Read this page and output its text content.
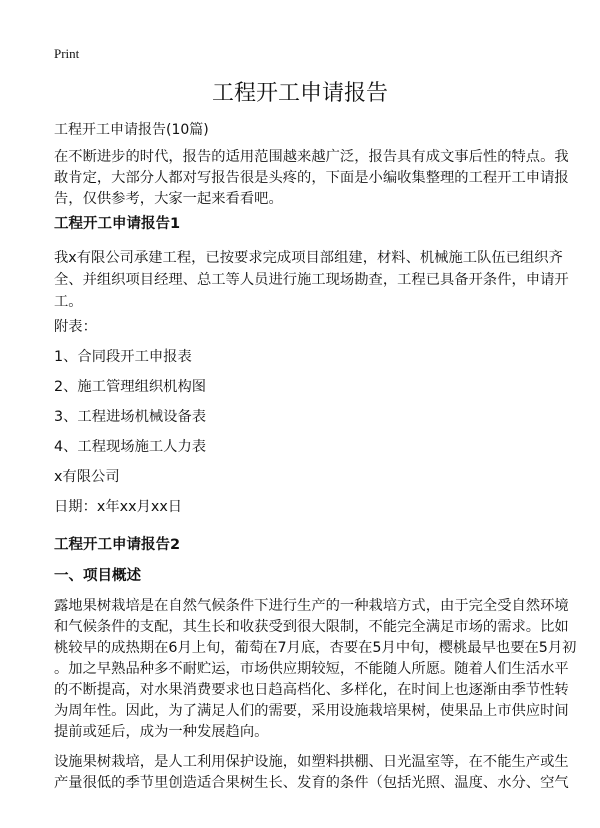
Print
工程开工申请报告
工程开工申请报告(10篇)
在不断进步的时代，报告的适用范围越来越广泛，报告具有成文事后性的特点。我
敢肯定，大部分人都对写报告很是头疼的，下面是小编收集整理的工程开工申请报
告，仅供参考，大家一起来看看吧。
工程开工申请报告1
我x有限公司承建工程，已按要求完成项目部组建，材料、机械施工队伍已组织齐
全、并组织项目经理、总工等人员进行施工现场勘查，工程已具备开条件，申请开
工。
附表：
1、合同段开工申报表
2、施工管理组织机构图
3、工程进场机械设备表
4、工程现场施工人力表
x有限公司
日期：x年xx月xx日
工程开工申请报告2
一、项目概述
露地果树栽培是在自然气候条件下进行生产的一种栽培方式，由于完全受自然环境
和气候条件的支配，其生长和收获受到很大限制，不能完全满足市场的需求。比如
桃较早的成热期在6月上旬，葡萄在7月底，杏要在5月中旬，樱桃最早也要在5月初
。加之早熟品种多不耐贮运，市场供应期较短，不能随人所愿。随着人们生活水平
的不断提高，对水果消费要求也日趋高档化、多样化，在时间上也逐渐由季节性转
为周年性。因此，为了满足人们的需要，采用设施栽培果树，使果品上市供应时间
提前或延后，成为一种发展趋向。
设施果树栽培，是人工利用保护设施，如塑料拱棚、日光温室等，在不能生产或生
产量很低的季节里创造适合果树生长、发育的条件（包括光照、温度、水分、空气
